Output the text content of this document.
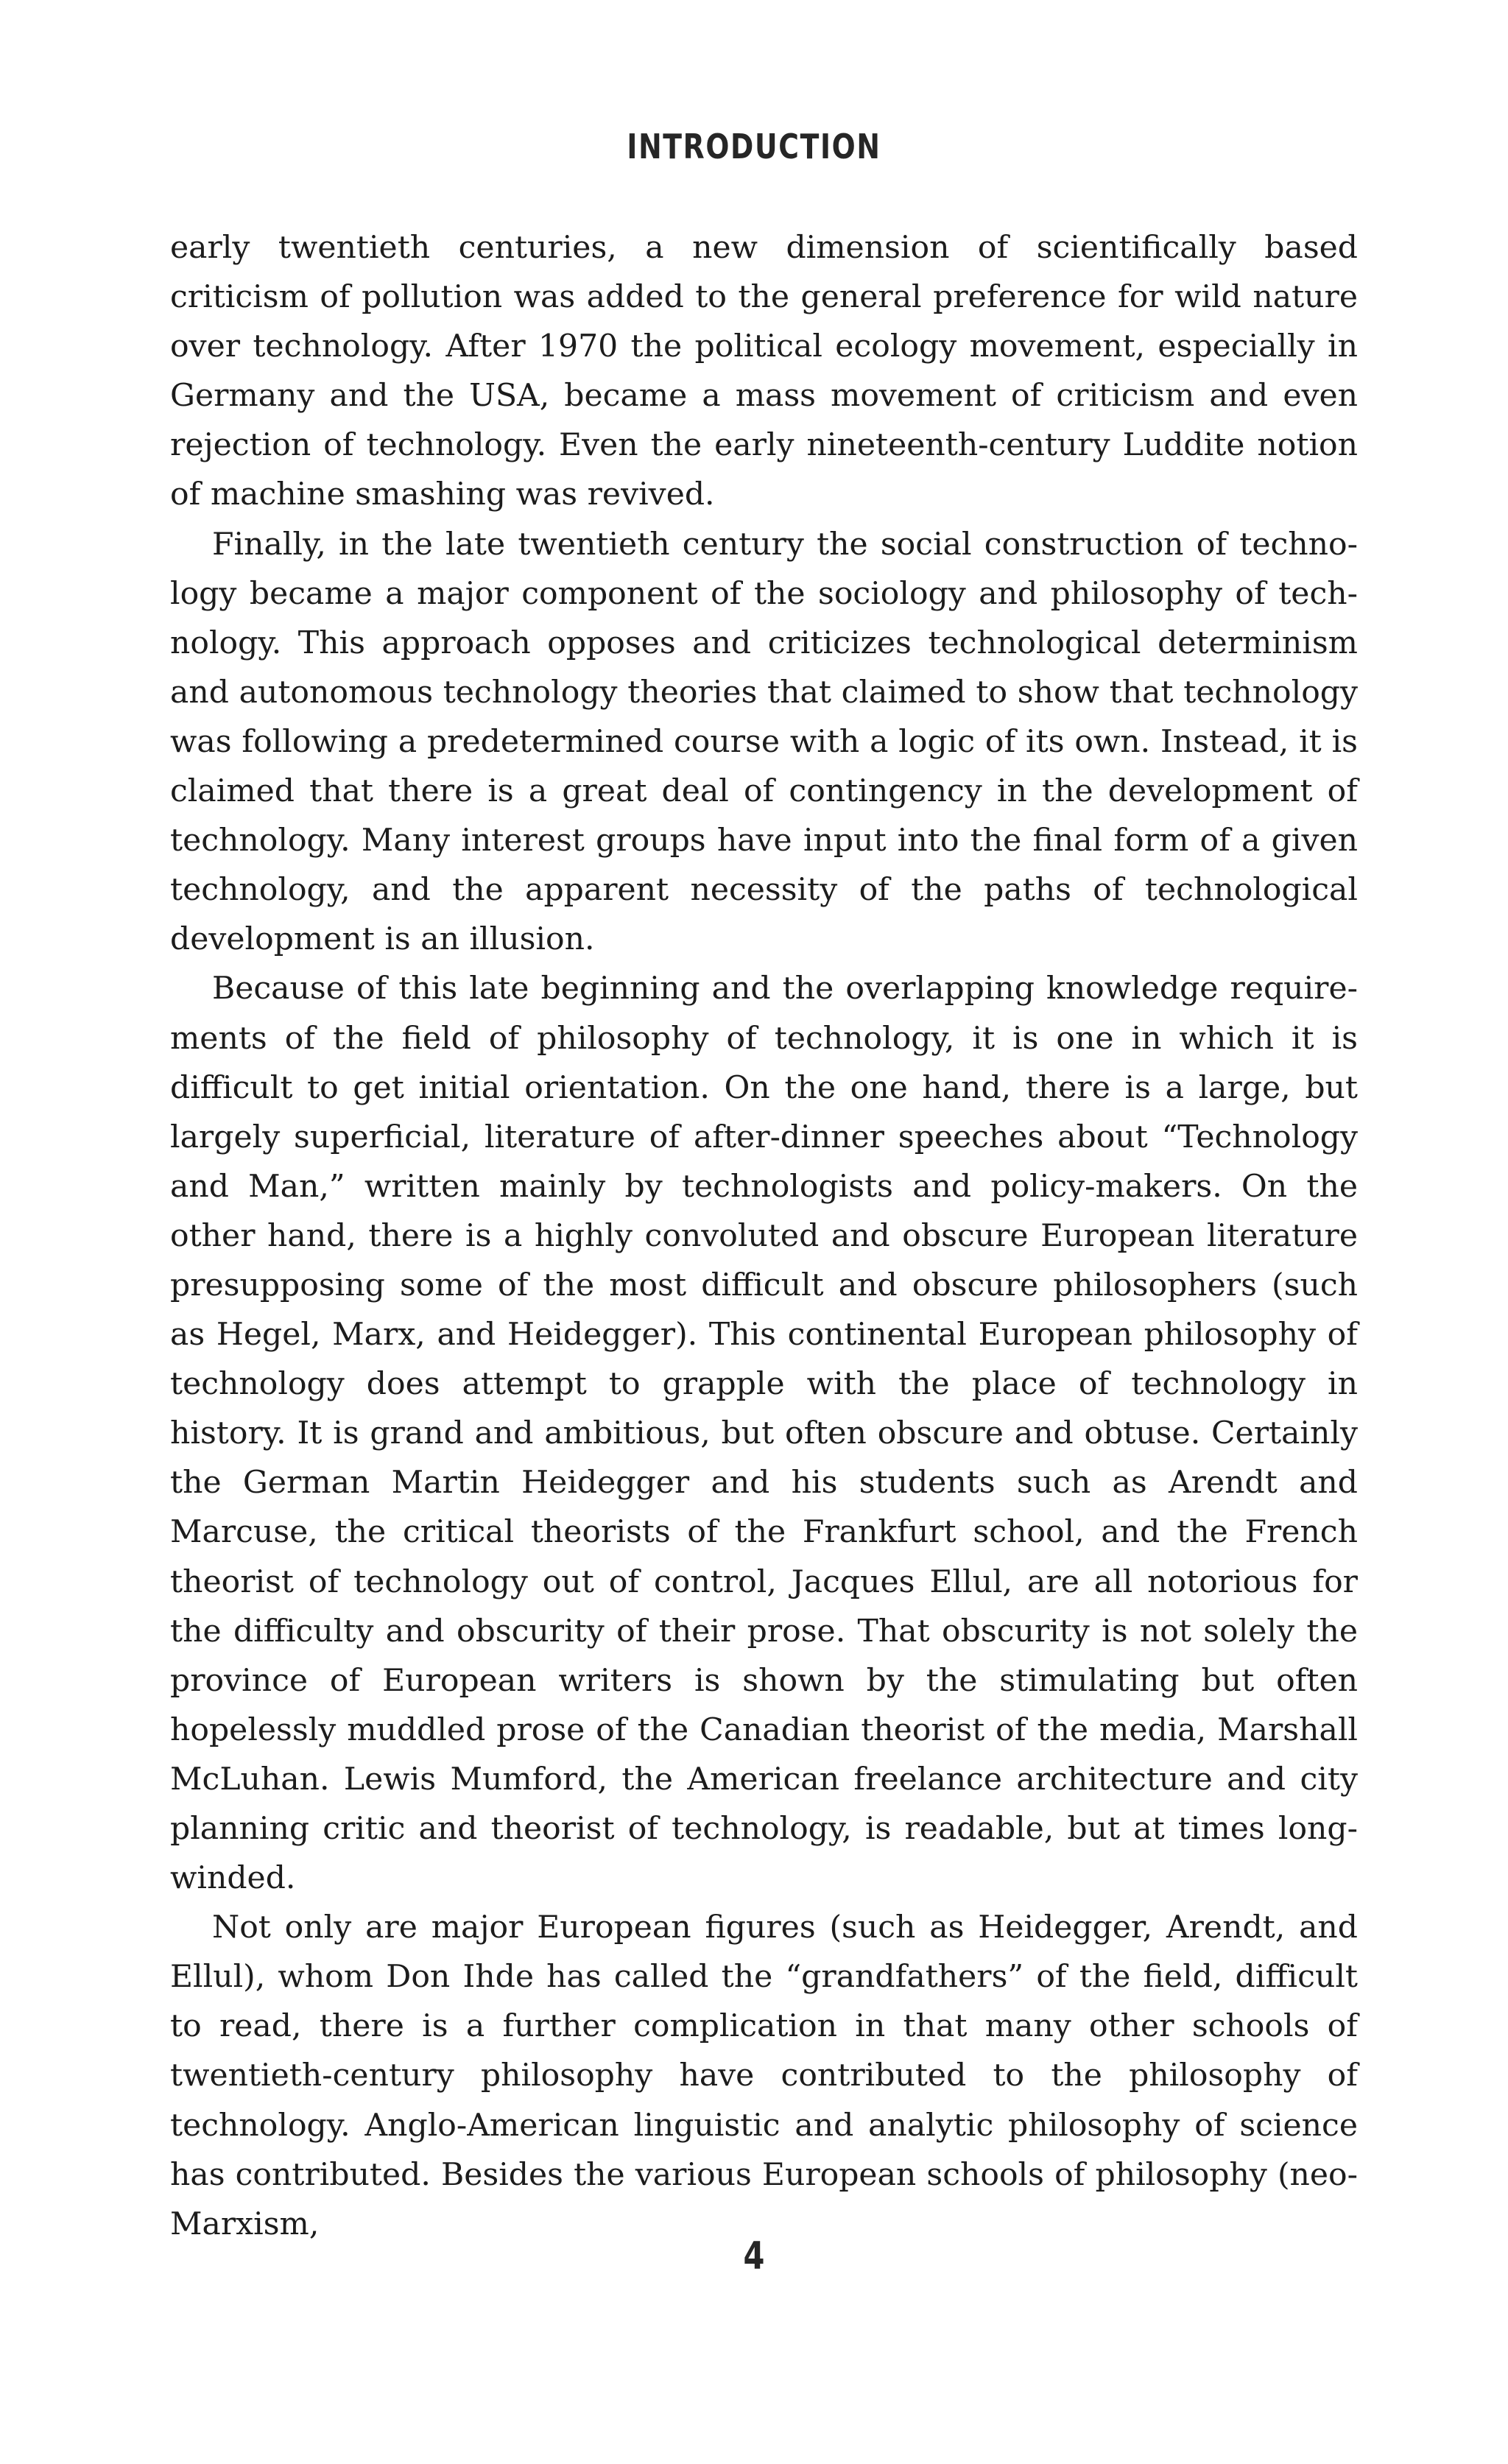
INTRODUCTION

early twentieth centuries, a new dimension of scientifically based criticism of pollution was added to the general preference for wild nature over technology. After 1970 the political ecology movement, especially in Germany and the USA, became a mass movement of criticism and even rejection of technology. Even the early nineteenth-century Luddite notion of machine smashing was revived.

Finally, in the late twentieth century the social construction of technology became a major component of the sociology and philosophy of technology. This approach opposes and criticizes technological determinism and autonomous technology theories that claimed to show that technology was following a predetermined course with a logic of its own. Instead, it is claimed that there is a great deal of contingency in the development of technology. Many interest groups have input into the final form of a given technology, and the apparent necessity of the paths of technological development is an illusion.

Because of this late beginning and the overlapping knowledge requirements of the field of philosophy of technology, it is one in which it is difficult to get initial orientation. On the one hand, there is a large, but largely superficial, literature of after-dinner speeches about “Technology and Man,” written mainly by technologists and policy-makers. On the other hand, there is a highly convoluted and obscure European literature presupposing some of the most difficult and obscure philosophers (such as Hegel, Marx, and Heidegger). This continental European philosophy of technology does attempt to grapple with the place of technology in history. It is grand and ambitious, but often obscure and obtuse. Certainly the German Martin Heidegger and his students such as Arendt and Marcuse, the critical theorists of the Frankfurt school, and the French theorist of technology out of control, Jacques Ellul, are all notorious for the difficulty and obscurity of their prose. That obscurity is not solely the province of European writers is shown by the stimulating but often hopelessly muddled prose of the Canadian theorist of the media, Marshall McLuhan. Lewis Mumford, the American freelance architecture and city planning critic and theorist of technology, is readable, but at times long-winded.

Not only are major European figures (such as Heidegger, Arendt, and Ellul), whom Don Ihde has called the “grandfathers” of the field, difficult to read, there is a further complication in that many other schools of twentieth-century philosophy have contributed to the philosophy of technology. Anglo-American linguistic and analytic philosophy of science has contributed. Besides the various European schools of philosophy (neo-Marxism,

4
